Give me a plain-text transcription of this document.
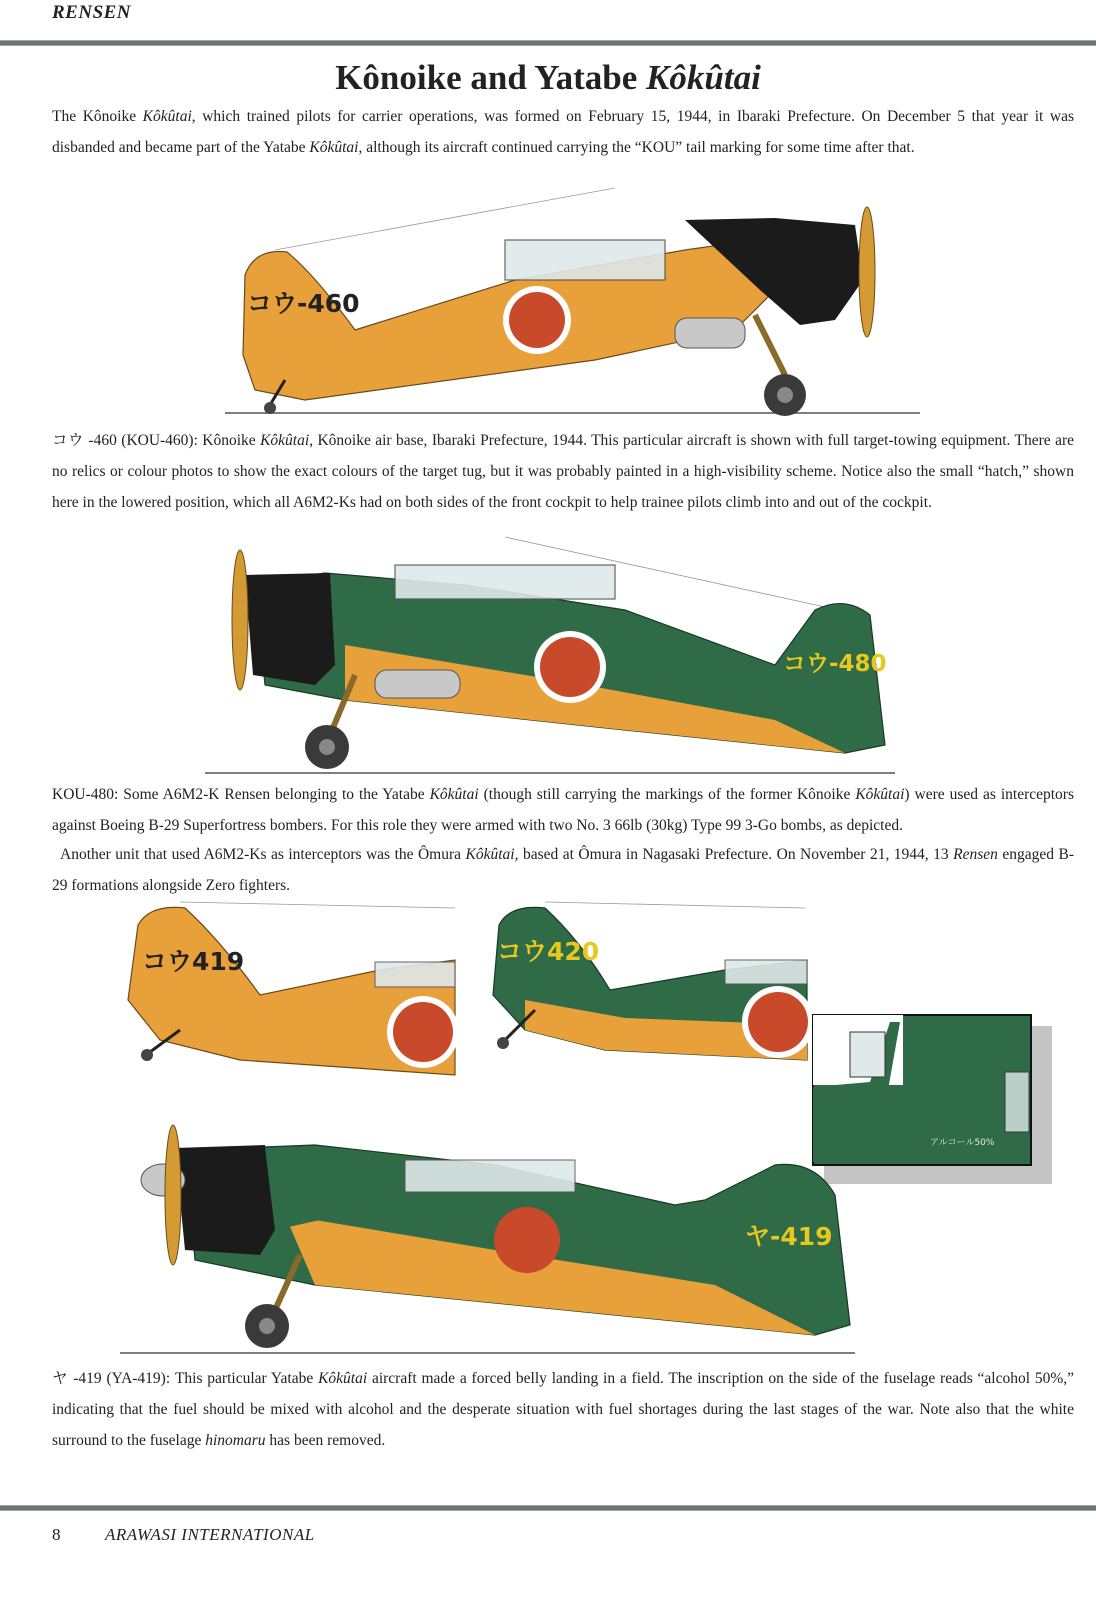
RENSEN
Kônoike and Yatabe Kôkûtai

The Kônoike Kôkûtai, which trained pilots for carrier operations, was formed on February 15, 1944, in Ibaraki Prefecture. On December 5 that year it was disbanded and became part of the Yatabe Kôkûtai, although its aircraft continued carrying the “KOU” tail marking for some time after that.

コウ-460

コウ -460 (KOU-460): Kônoike Kôkûtai, Kônoike air base, Ibaraki Prefecture, 1944. This particular aircraft is shown with full target-towing equipment. There are no relics or colour photos to show the exact colours of the target tug, but it was probably painted in a high-visibility scheme. Notice also the small “hatch,” shown here in the lowered position, which all A6M2-Ks had on both sides of the front cockpit to help trainee pilots climb into and out of the cockpit.

コウ-480

KOU-480: Some A6M2-K Rensen belonging to the Yatabe Kôkûtai (though still carrying the markings of the former Kônoike Kôkûtai) were used as interceptors against Boeing B-29 Superfortress bombers. For this role they were armed with two No. 3 66lb (30kg) Type 99 3-Go bombs, as depicted.

Another unit that used A6M2-Ks as interceptors was the Ômura Kôkûtai, based at Ômura in Nagasaki Prefecture. On November 21, 1944, 13 Rensen engaged B-29 formations alongside Zero fighters.

コウ419	コウ420
アルコール50%
ヤ-419

ヤ -419 (YA-419): This particular Yatabe Kôkûtai aircraft made a forced belly landing in a field. The inscription on the side of the fuselage reads “alcohol 50%,” indicating that the fuel should be mixed with alcohol and the desperate situation with fuel shortages during the last stages of the war. Note also that the white surround to the fuselage hinomaru has been removed.

8	ARAWASI INTERNATIONAL
